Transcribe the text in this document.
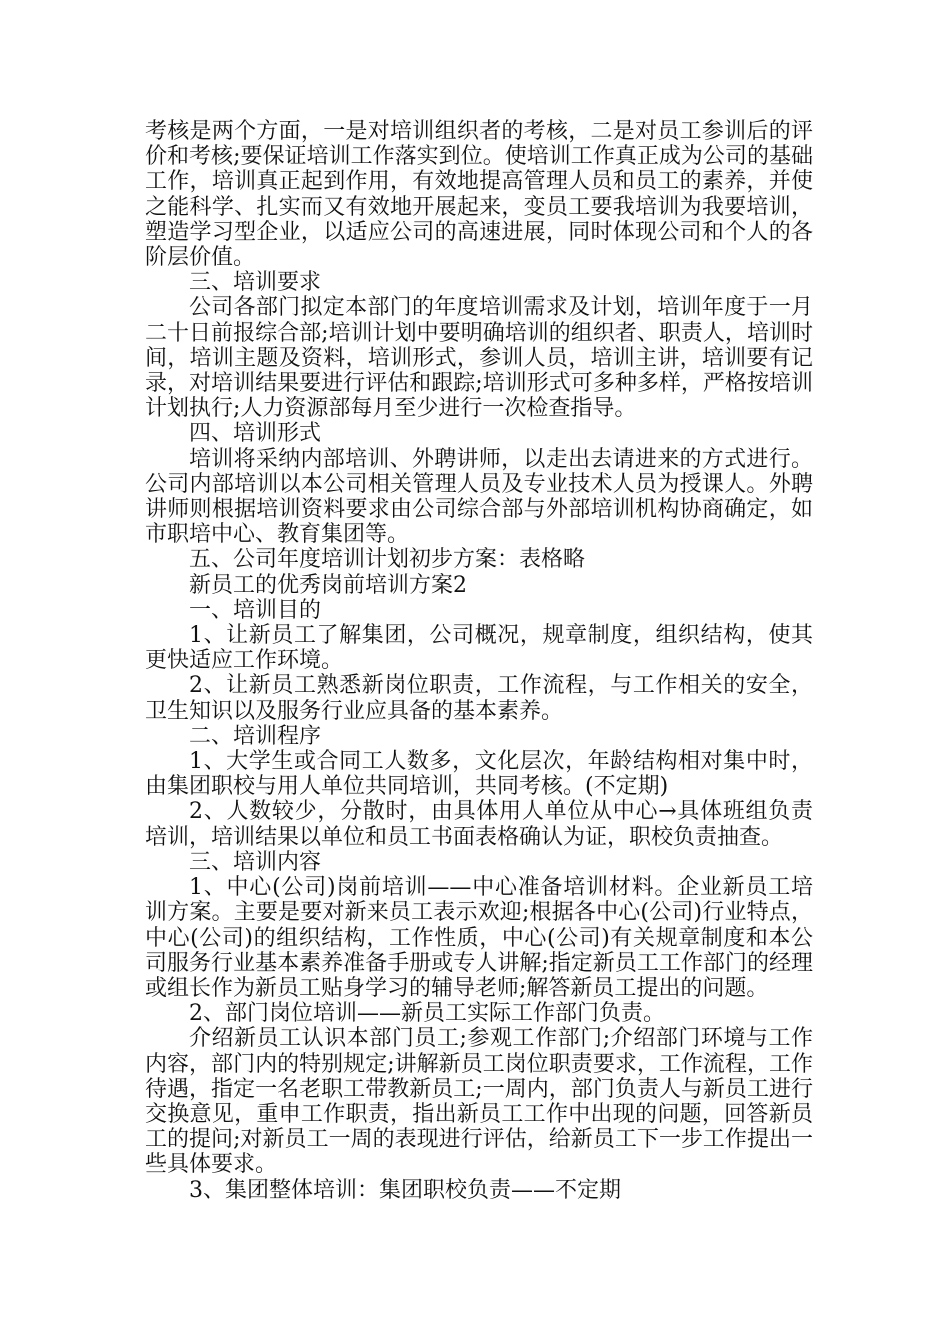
考核是两个方面，一是对培训组织者的考核，二是对员工参训后的评价和考核;要保证培训工作落实到位。使培训工作真正成为公司的基础工作，培训真正起到作用，有效地提高管理人员和员工的素养，并使之能科学、扎实而又有效地开展起来，变员工要我培训为我要培训，塑造学习型企业，以适应公司的高速进展，同时体现公司和个人的各阶层价值。

三、培训要求

公司各部门拟定本部门的年度培训需求及计划，培训年度于一月二十日前报综合部;培训计划中要明确培训的组织者、职责人，培训时间，培训主题及资料，培训形式，参训人员，培训主讲，培训要有记录，对培训结果要进行评估和跟踪;培训形式可多种多样，严格按培训计划执行;人力资源部每月至少进行一次检查指导。

四、培训形式

培训将采纳内部培训、外聘讲师，以走出去请进来的方式进行。公司内部培训以本公司相关管理人员及专业技术人员为授课人。外聘讲师则根据培训资料要求由公司综合部与外部培训机构协商确定，如市职培中心、教育集团等。

五、公司年度培训计划初步方案：表格略

新员工的优秀岗前培训方案2

一、培训目的

1、让新员工了解集团，公司概况，规章制度，组织结构，使其更快适应工作环境。

2、让新员工熟悉新岗位职责，工作流程，与工作相关的安全，卫生知识以及服务行业应具备的基本素养。

二、培训程序

1、大学生或合同工人数多，文化层次，年龄结构相对集中时，由集团职校与用人单位共同培训，共同考核。(不定期)

2、人数较少，分散时，由具体用人单位从中心→具体班组负责培训，培训结果以单位和员工书面表格确认为证，职校负责抽查。

三、培训内容

1、中心(公司)岗前培训——中心准备培训材料。企业新员工培训方案。主要是要对新来员工表示欢迎;根据各中心(公司)行业特点，中心(公司)的组织结构，工作性质，中心(公司)有关规章制度和本公司服务行业基本素养准备手册或专人讲解;指定新员工工作部门的经理或组长作为新员工贴身学习的辅导老师;解答新员工提出的问题。

2、部门岗位培训——新员工实际工作部门负责。

介绍新员工认识本部门员工;参观工作部门;介绍部门环境与工作内容，部门内的特别规定;讲解新员工岗位职责要求，工作流程，工作待遇，指定一名老职工带教新员工;一周内，部门负责人与新员工进行交换意见，重申工作职责，指出新员工工作中出现的问题，回答新员工的提问;对新员工一周的表现进行评估，给新员工下一步工作提出一些具体要求。

3、集团整体培训：集团职校负责——不定期
